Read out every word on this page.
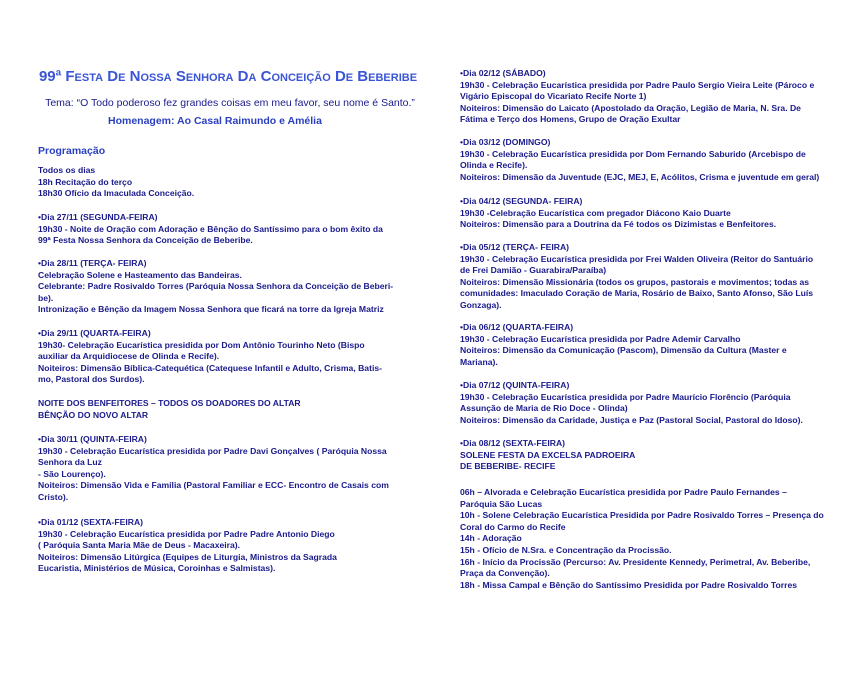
99ª FESTA DE NOSSA SENHORA DA CONCEIÇÃO DE BEBERIBE
Tema: “O Todo poderoso fez grandes coisas em meu favor, seu nome é Santo.”
Homenagem: Ao Casal Raimundo e Amélia
Programação
Todos os dias
18h Recitação do terço
18h30 Ofício da Imaculada Conceição.
•Dia 27/11 (SEGUNDA-FEIRA)
19h30 - Noite de Oração com Adoração e Bênção do Santíssimo para o bom êxito da
99ª Festa Nossa Senhora da Conceição de Beberibe.
•Dia 28/11 (TERÇA- FEIRA)
Celebração Solene e Hasteamento das Bandeiras.
Celebrante: Padre Rosivaldo Torres (Paróquia Nossa Senhora da Conceição de Beberi-
be).
Intronização e Bênção da Imagem Nossa Senhora que ficará na torre da Igreja Matriz
•Dia 29/11 (QUARTA-FEIRA)
19h30- Celebração Eucarística presidida por Dom Antônio Tourinho Neto (Bispo
auxiliar da Arquidiocese de Olinda e Recife).
Noiteiros: Dimensão Bíblica-Catequética (Catequese Infantil e Adulto, Crisma, Batis-
mo, Pastoral dos Surdos).
NOITE DOS BENFEITORES – TODOS OS DOADORES DO ALTAR
BÊNÇÃO DO NOVO ALTAR
•Dia 30/11 (QUINTA-FEIRA)
19h30 - Celebração Eucarística presidida por Padre Davi Gonçalves ( Paróquia Nossa
Senhora da Luz
- São Lourenço).
Noiteiros: Dimensão Vida e Família (Pastoral Familiar e ECC- Encontro de Casais com
Cristo).
•Dia 01/12 (SEXTA-FEIRA)
19h30 - Celebração Eucarística presidida por Padre Padre Antonio Diego
( Paróquia Santa Maria Mãe de Deus - Macaxeira).
Noiteiros: Dimensão Litúrgica (Equipes de Liturgia, Ministros da Sagrada
Eucaristia, Ministérios de Música, Coroinhas e Salmistas).
•Dia 02/12 (SÁBADO)
19h30 - Celebração Eucarística presidida por Padre Paulo Sergio Vieira Leite (Pároco e
Vigário Episcopal do Vicariato Recife Norte 1)
Noiteiros: Dimensão do Laicato (Apostolado da Oração, Legião de Maria, N. Sra. De
Fátima e Terço dos Homens, Grupo de Oração Exultar
•Dia 03/12 (DOMINGO)
19h30 - Celebração Eucarística presidida por Dom Fernando Saburido (Arcebispo de
Olinda e Recife).
Noiteiros: Dimensão da Juventude (EJC, MEJ, E, Acólitos, Crisma e juventude em geral)
•Dia 04/12 (SEGUNDA- FEIRA)
19h30 -Celebração Eucarística com pregador Diácono Kaio Duarte
Noiteiros: Dimensão para a Doutrina da Fé todos os Dizimistas e Benfeitores.
•Dia 05/12 (TERÇA- FEIRA)
19h30 - Celebração Eucarística presidida por Frei Walden Oliveira (Reitor do Santuário
de Frei Damião - Guarabira/Paraíba)
Noiteiros: Dimensão Missionária (todos os grupos, pastorais e movimentos; todas as
comunidades: Imaculado Coração de Maria, Rosário de Baixo, Santo Afonso, São Luís
Gonzaga).
•Dia 06/12 (QUARTA-FEIRA)
19h30 - Celebração Eucarística presidida por Padre Ademir Carvalho
Noiteiros: Dimensão da Comunicação (Pascom), Dimensão da Cultura (Master e
Mariana).
•Dia 07/12 (QUINTA-FEIRA)
19h30 - Celebração Eucarística presidida por Padre Maurício Florêncio (Paróquia
Assunção de Maria de Rio Doce - Olinda)
Noiteiros: Dimensão da Caridade, Justiça e Paz (Pastoral Social, Pastoral do Idoso).
•Dia 08/12 (SEXTA-FEIRA)
SOLENE FESTA DA EXCELSA PADROEIRA
DE BEBERIBE- RECIFE
06h – Alvorada e Celebração Eucarística presidida por Padre Paulo Fernandes –
Paróquia São Lucas
10h - Solene Celebração Eucarística Presidida por Padre Rosivaldo Torres – Presença do
Coral do Carmo do Recife
14h - Adoração
15h - Ofício de N.Sra. e Concentração da Procissão.
16h - Início da Procissão (Percurso: Av. Presidente Kennedy, Perimetral, Av. Beberibe,
Praça da Convenção).
18h - Missa Campal e Bênção do Santíssimo Presidida por Padre Rosivaldo Torres
